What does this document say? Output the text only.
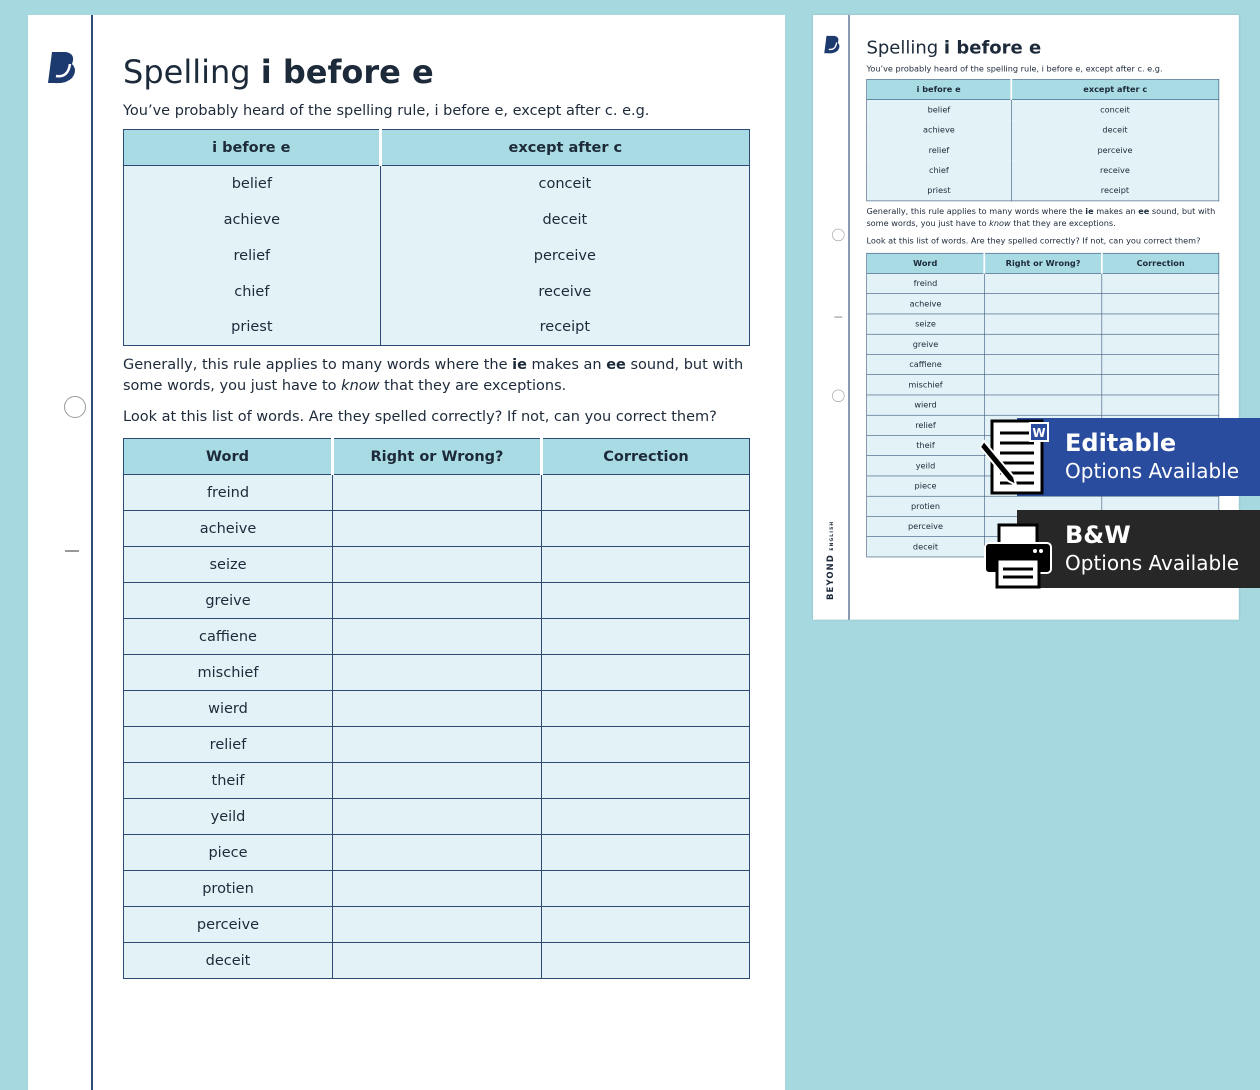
Spelling i before e
You’ve probably heard of the spelling rule, i before e, except after c. e.g.
i before e	except after c
belief	conceit
achieve	deceit
relief	perceive
chief	receive
priest	receipt
Generally, this rule applies to many words where the ie makes an ee sound, but with some words, you just have to know that they are exceptions.
Look at this list of words. Are they spelled correctly? If not, can you correct them?
Word	Right or Wrong?	Correction
freind		
acheive		
seize		
greive		
caffiene		
mischief		
wierd		
relief		
theif		
yeild		
piece		
protien		
perceive		
deceit		
BEYONDENGLISH
Spelling i before e
You’ve probably heard of the spelling rule, i before e, except after c. e.g.
i before e	except after c
belief	conceit
achieve	deceit
relief	perceive
chief	receive
priest	receipt
Generally, this rule applies to many words where the ie makes an ee sound, but with some words, you just have to know that they are exceptions.
Look at this list of words. Are they spelled correctly? If not, can you correct them?
Word	Right or Wrong?	Correction
freind		
acheive		
seize		
greive		
caffiene		
mischief		
wierd		
relief		
theif		
yeild		
piece		
protien		
perceive		
deceit		
Editable
Options Available
W
B&W
Options Available
